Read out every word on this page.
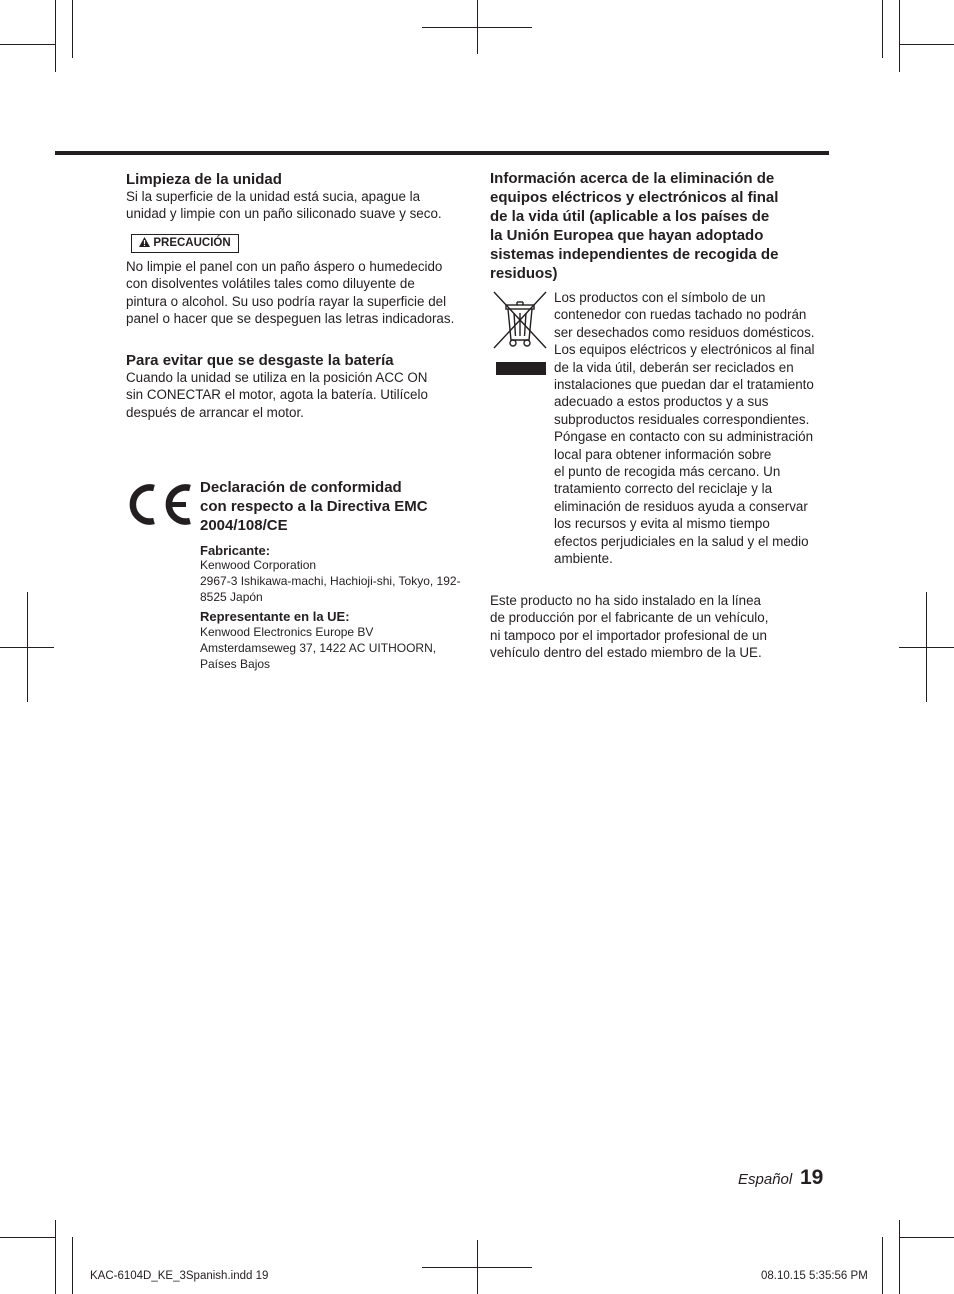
Limpieza de la unidad
Si la superficie de la unidad está sucia, apague la
unidad y limpie con un paño siliconado suave y seco.
PRECAUCIÓN
No limpie el panel con un paño áspero o humedecido
con disolventes volátiles tales como diluyente de
pintura o alcohol. Su uso podría rayar la superficie del
panel o hacer que se despeguen las letras indicadoras.
Para evitar que se desgaste la batería
Cuando la unidad se utiliza en la posición ACC ON
sin CONECTAR el motor, agota la batería. Utilícelo
después de arrancar el motor.
Declaración de conformidad
con respecto a la Directiva EMC
2004/108/CE
Fabricante:
Kenwood Corporation
2967-3 Ishikawa-machi, Hachioji-shi, Tokyo, 192-
8525 Japón
Representante en la UE:
Kenwood Electronics Europe BV
Amsterdamseweg 37, 1422 AC UITHOORN,
Países Bajos
Información acerca de la eliminación de
equipos eléctricos y electrónicos al final
de la vida útil (aplicable a los países de
la Unión Europea que hayan adoptado
sistemas independientes de recogida de
residuos)
Los productos con el símbolo de un
contenedor con ruedas tachado no podrán
ser desechados como residuos domésticos.
Los equipos eléctricos y electrónicos al final
de la vida útil, deberán ser reciclados en
instalaciones que puedan dar el tratamiento
adecuado a estos productos y a sus
subproductos residuales correspondientes.
Póngase en contacto con su administración
local para obtener información sobre
el punto de recogida más cercano. Un
tratamiento correcto del reciclaje y la
eliminación de residuos ayuda a conservar
los recursos y evita al mismo tiempo
efectos perjudiciales en la salud y el medio
ambiente.
Este producto no ha sido instalado en la línea
de producción por el fabricante de un vehículo,
ni tampoco por el importador profesional de un
vehículo dentro del estado miembro de la UE.
Español 19
KAC-6104D_KE_3Spanish.indd 19	08.10.15 5:35:56 PM
